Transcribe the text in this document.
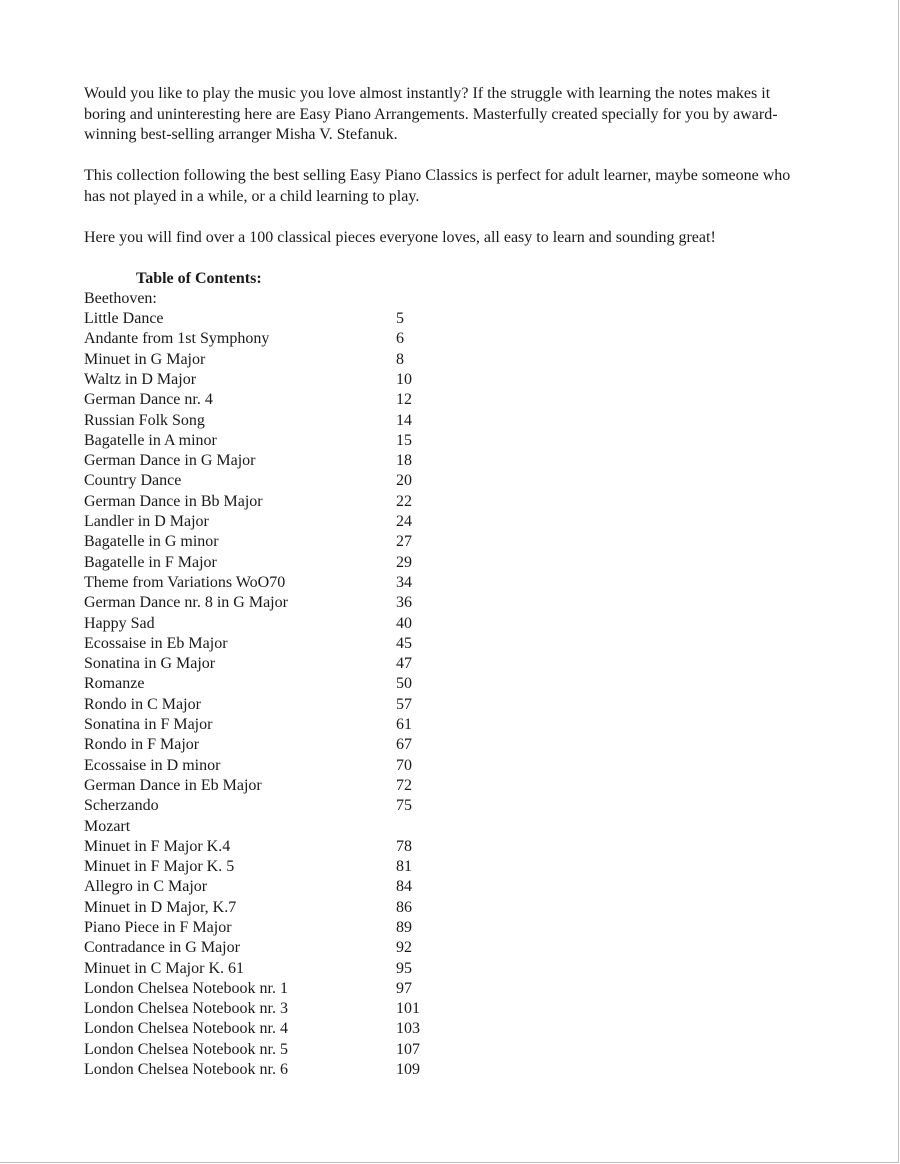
Would you like to play the music you love almost instantly? If the struggle with learning the notes makes it boring and uninteresting here are Easy Piano Arrangements. Masterfully created specially for you by award-winning best-selling arranger Misha V. Stefanuk.

This collection following the best selling Easy Piano Classics is perfect for adult learner, maybe someone who has not played in a while, or a child learning to play.

Here you will find over a 100 classical pieces everyone loves, all easy to learn and sounding great!

Table of Contents:
Beethoven:
Little Dance	5
Andante from 1st Symphony	6
Minuet in G Major	8
Waltz in D Major	10
German Dance nr. 4	12
Russian Folk Song	14
Bagatelle in A minor	15
German Dance in G Major	18
Country Dance	20
German Dance in Bb Major	22
Landler in D Major	24
Bagatelle in G minor	27
Bagatelle in F Major	29
Theme from Variations WoO70	34
German Dance nr. 8 in G Major	36
Happy Sad	40
Ecossaise in Eb Major	45
Sonatina in G Major	47
Romanze	50
Rondo in C Major	57
Sonatina in F Major	61
Rondo in F Major	67
Ecossaise in D minor	70
German Dance in Eb Major	72
Scherzando	75
Mozart
Minuet in F Major K.4	78
Minuet in F Major K. 5	81
Allegro in C Major	84
Minuet in D Major, K.7	86
Piano Piece in F Major	89
Contradance in G Major	92
Minuet in C Major K. 61	95
London Chelsea Notebook nr. 1	97
London Chelsea Notebook nr. 3	101
London Chelsea Notebook nr. 4	103
London Chelsea Notebook nr. 5	107
London Chelsea Notebook nr. 6	109
